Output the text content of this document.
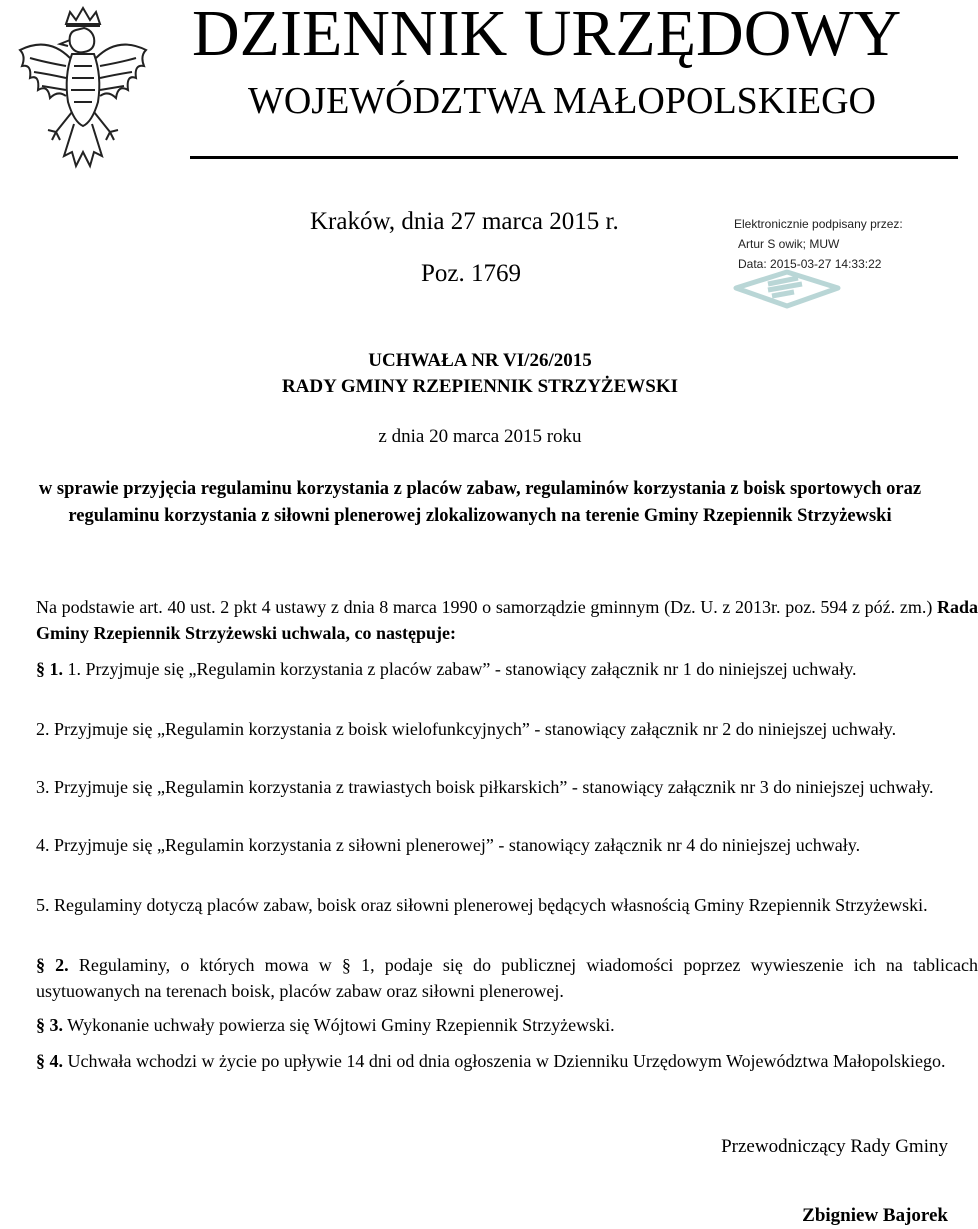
DZIENNIK URZĘDOWY
WOJEWÓDZTWA MAŁOPOLSKIEGO
Kraków, dnia 27 marca 2015 r.
Poz. 1769
Elektronicznie podpisany przez:
Artur S owik; MUW
Data: 2015-03-27 14:33:22
UCHWAŁA NR VI/26/2015
RADY GMINY RZEPIENNIK STRZYŻEWSKI
z dnia 20 marca 2015 roku
w sprawie przyjęcia regulaminu korzystania z placów zabaw, regulaminów korzystania z boisk sportowych oraz regulaminu korzystania z siłowni plenerowej zlokalizowanych na terenie Gminy Rzepiennik Strzyżewski
Na podstawie art. 40 ust. 2 pkt 4 ustawy z dnia 8 marca 1990 o samorządzie gminnym (Dz. U. z 2013r. poz. 594 z póź. zm.) Rada Gminy Rzepiennik Strzyżewski uchwala, co następuje:
§ 1. 1. Przyjmuje się „Regulamin korzystania z placów zabaw” - stanowiący załącznik nr 1 do niniejszej uchwały.
2. Przyjmuje się „Regulamin korzystania z boisk wielofunkcyjnych” - stanowiący załącznik nr 2 do niniejszej uchwały.
3. Przyjmuje się „Regulamin korzystania z trawiastych boisk piłkarskich” - stanowiący załącznik nr 3 do niniejszej uchwały.
4. Przyjmuje się „Regulamin korzystania z siłowni plenerowej” - stanowiący załącznik nr 4 do niniejszej uchwały.
5. Regulaminy dotyczą placów zabaw, boisk oraz siłowni plenerowej będących własnością Gminy Rzepiennik Strzyżewski.
§ 2. Regulaminy, o których mowa w § 1, podaje się do publicznej wiadomości poprzez wywieszenie ich na tablicach usytuowanych na terenach boisk, placów zabaw oraz siłowni plenerowej.
§ 3. Wykonanie uchwały powierza się Wójtowi Gminy Rzepiennik Strzyżewski.
§ 4. Uchwała wchodzi w życie po upływie 14 dni od dnia ogłoszenia w Dzienniku Urzędowym Województwa Małopolskiego.
Przewodniczący Rady Gminy
Zbigniew Bajorek
